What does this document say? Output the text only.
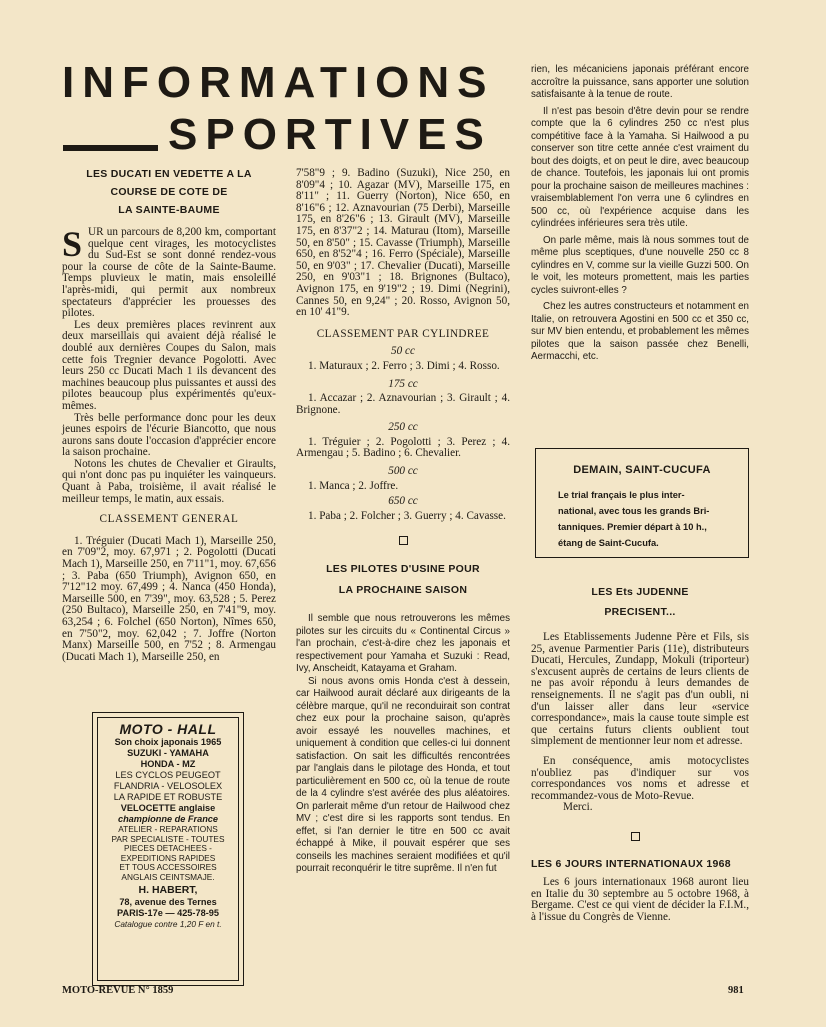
INFORMATIONS
SPORTIVES
LES DUCATI EN VEDETTE A LA
COURSE DE COTE DE
LA SAINTE-BAUME
S UR un parcours de 8,200 km, comportant quelque cent virages, les motocyclistes du Sud-Est se sont donné rendez-vous pour la course de côte de la Sainte-Baume. Temps pluvieux le matin, mais ensoleillé l'après-midi, qui permit aux nombreux spectateurs d'apprécier les prouesses des pilotes.

Les deux premières places revinrent aux deux marseillais qui avaient déjà réalisé le doublé aux dernières Coupes du Salon, mais cette fois Tregnier devance Pogolotti. Avec leurs 250 cc Ducati Mach 1 ils devancent des machines beaucoup plus puissantes et aussi des pilotes beaucoup plus expérimentés qu'eux-mêmes.

Très belle performance donc pour les deux jeunes espoirs de l'écurie Biancotto, que nous aurons sans doute l'occasion d'apprécier encore la saison prochaine.

Notons les chutes de Chevalier et Giraults, qui n'ont donc pas pu inquiéter les vainqueurs. Quant à Paba, troisième, il avait réalisé le meilleur temps, le matin, aux essais.

CLASSEMENT GENERAL
1. Tréguier (Ducati Mach 1), Marseille 250, en 7'09"2, moy. 67,971 ; 2. Pogolotti (Ducati Mach 1), Marseille 250, en 7'11"1, moy. 67,656 ; 3. Paba (650 Triumph), Avignon 650, en 7'12"12 moy. 67,499 ; 4. Nanca (450 Honda), Marseille 500, en 7'39", moy. 63,528 ; 5. Perez (250 Bultaco), Marseille 250, en 7'41"9, moy. 63,254 ; 6. Folchel (650 Norton), Nîmes 650, en 7'50"2, moy. 62,042 ; 7. Joffre (Norton Manx) Marseille 500, en 7'52 ; 8. Armengau (Ducati Mach 1), Marseille 250, en
MOTO - HALL
Son choix japonais 1965
SUZUKI - YAMAHA
HONDA - MZ
LES CYCLOS PEUGEOT
FLANDRIA - VELOSOLEX
LA RAPIDE ET ROBUSTE
VELOCETTE anglaise
championne de France
ATELIER - REPARATIONS
PAR SPECIALISTE - TOUTES PIECES DETACHEES -
EXPEDITIONS RAPIDES
ET TOUS ACCESSOIRES
ANGLAIS CEINTSMAJE.
H. HABERT,
78, avenue des Ternes
PARIS-17e — 425-78-95
Catalogue contre 1,20 F en t.
7'58"9 ; 9. Badino (Suzuki), Nice 250, en 8'09"4 ; 10. Agazar (MV), Marseille 175, en 8'11" ; 11. Guerry (Norton), Nice 650, en 8'16"6 ; 12. Aznavourian (75 Derbi), Marseille 175, en 8'26"6 ; 13. Girault (MV), Marseille 175, en 8'37"2 ; 14. Maturau (Itom), Marseille 50, en 8'50" ; 15. Cavasse (Triumph), Marseille 650, en 8'52"4 ; 16. Ferro (Spéciale), Marseille 50, en 9'03" ; 17. Chevalier (Ducati), Marseille 250, en 9'03"1 ; 18. Brignones (Bultaco), Avignon 175, en 9'19"2 ; 19. Dimi (Negrini), Cannes 50, en 9,24" ; 20. Rosso, Avignon 50, en 10' 41"9.
CLASSEMENT PAR CYLINDREE
50 cc
1. Maturaux ; 2. Ferro ; 3. Dimi ; 4. Rosso.
175 cc
1. Accazar ; 2. Aznavourian ; 3. Girault ; 4. Brignone.
250 cc
1. Tréguier ; 2. Pogolotti ; 3. Perez ; 4. Armengau ; 5. Badino ; 6. Chevalier.
500 cc
1. Manca ; 2. Joffre.
650 cc
1. Paba ; 2. Folcher ; 3. Guerry ; 4. Cavasse.
LES PILOTES D'USINE POUR
LA PROCHAINE SAISON

Il semble que nous retrouverons les mêmes pilotes sur les circuits du « Continental Circus » l'an prochain, c'est-à-dire chez les japonais et respectivement pour Yamaha et Suzuki : Read, Ivy, Anscheidt, Katayama et Graham.

Si nous avons omis Honda c'est à dessein, car Hailwood aurait déclaré aux dirigeants de la célèbre marque, qu'il ne reconduirait son contrat chez eux pour la prochaine saison, qu'après avoir essayé les nouvelles machines, et uniquement à condition que celles-ci lui donnent satisfaction. On sait les difficultés rencontrées par l'anglais dans le pilotage des Honda, et tout particulièrement en 500 cc, où la tenue de route de la 4 cylindre s'est avérée des plus aléatoires. On parlerait même d'un retour de Hailwood chez MV ; c'est dire si les rapports sont tendus. En effet, si l'an dernier le titre en 500 cc avait échappé à Mike, il pouvait espérer que ses conseils les machines seraient modifiées et qu'il pourrait reconquérir le titre suprême. Il n'en fut

rien, les mécaniciens japonais préférant encore accroître la puissance, sans apporter une solution satisfaisante à la tenue de route.

Il n'est pas besoin d'être devin pour se rendre compte que la 6 cylindres 250 cc n'est plus compétitive face à la Yamaha. Si Hailwood a pu conserver son titre cette année c'est vraiment du bout des doigts, et on peut le dire, avec beaucoup de chance. Toutefois, les japonais lui ont promis pour la prochaine saison de meilleures machines : vraisemblablement l'on verra une 6 cylindres en 500 cc, où l'expérience acquise dans les cylindrées inférieures sera très utile.

On parle même, mais là nous sommes tout de même plus sceptiques, d'une nouvelle 250 cc 8 cylindres en V, comme sur la vieille Guzzi 500. On le voit, les moteurs promettent, mais les parties cycles suivront-elles ?

Chez les autres constructeurs et notamment en Italie, on retrouvera Agostini en 500 cc et 350 cc, sur MV bien entendu, et probablement les mêmes pilotes que la saison passée chez Benelli, Aermacchi, etc.

DEMAIN, SAINT-CUCUFA
Le trial français le plus inter-
national, avec tous les grands Bri-
tanniques. Premier départ à 10 h.,
étang de Saint-Cucufa.
LES Ets JUDENNE
PRECISENT...

Les Etablissements Judenne Père et Fils, sis 25, avenue Parmentier Paris (11e), distributeurs Ducati, Hercules, Zundapp, Mokuli (triporteur) s'excusent auprès de certains de leurs clients de ne pas avoir répondu à leurs demandes de renseignements. Il ne s'agit pas d'un oubli, ni d'un laisser aller dans leur «service correspondance», mais la cause toute simple est que certains futurs clients oublient tout simplement de mentionner leur nom et adresse.

En conséquence, amis motocyclistes n'oubliez pas d'indiquer sur vos correspondances vos noms et adresse et recommandez-vous de Moto-Revue.

Merci.

LES 6 JOURS INTERNATIONAUX 1968

Les 6 jours internationaux 1968 auront lieu en Italie du 30 septembre au 5 octobre 1968, à Bergame. C'est ce qui vient de décider la F.I.M., à l'issue du Congrès de Vienne.

MOTO-REVUE N° 1859	981
